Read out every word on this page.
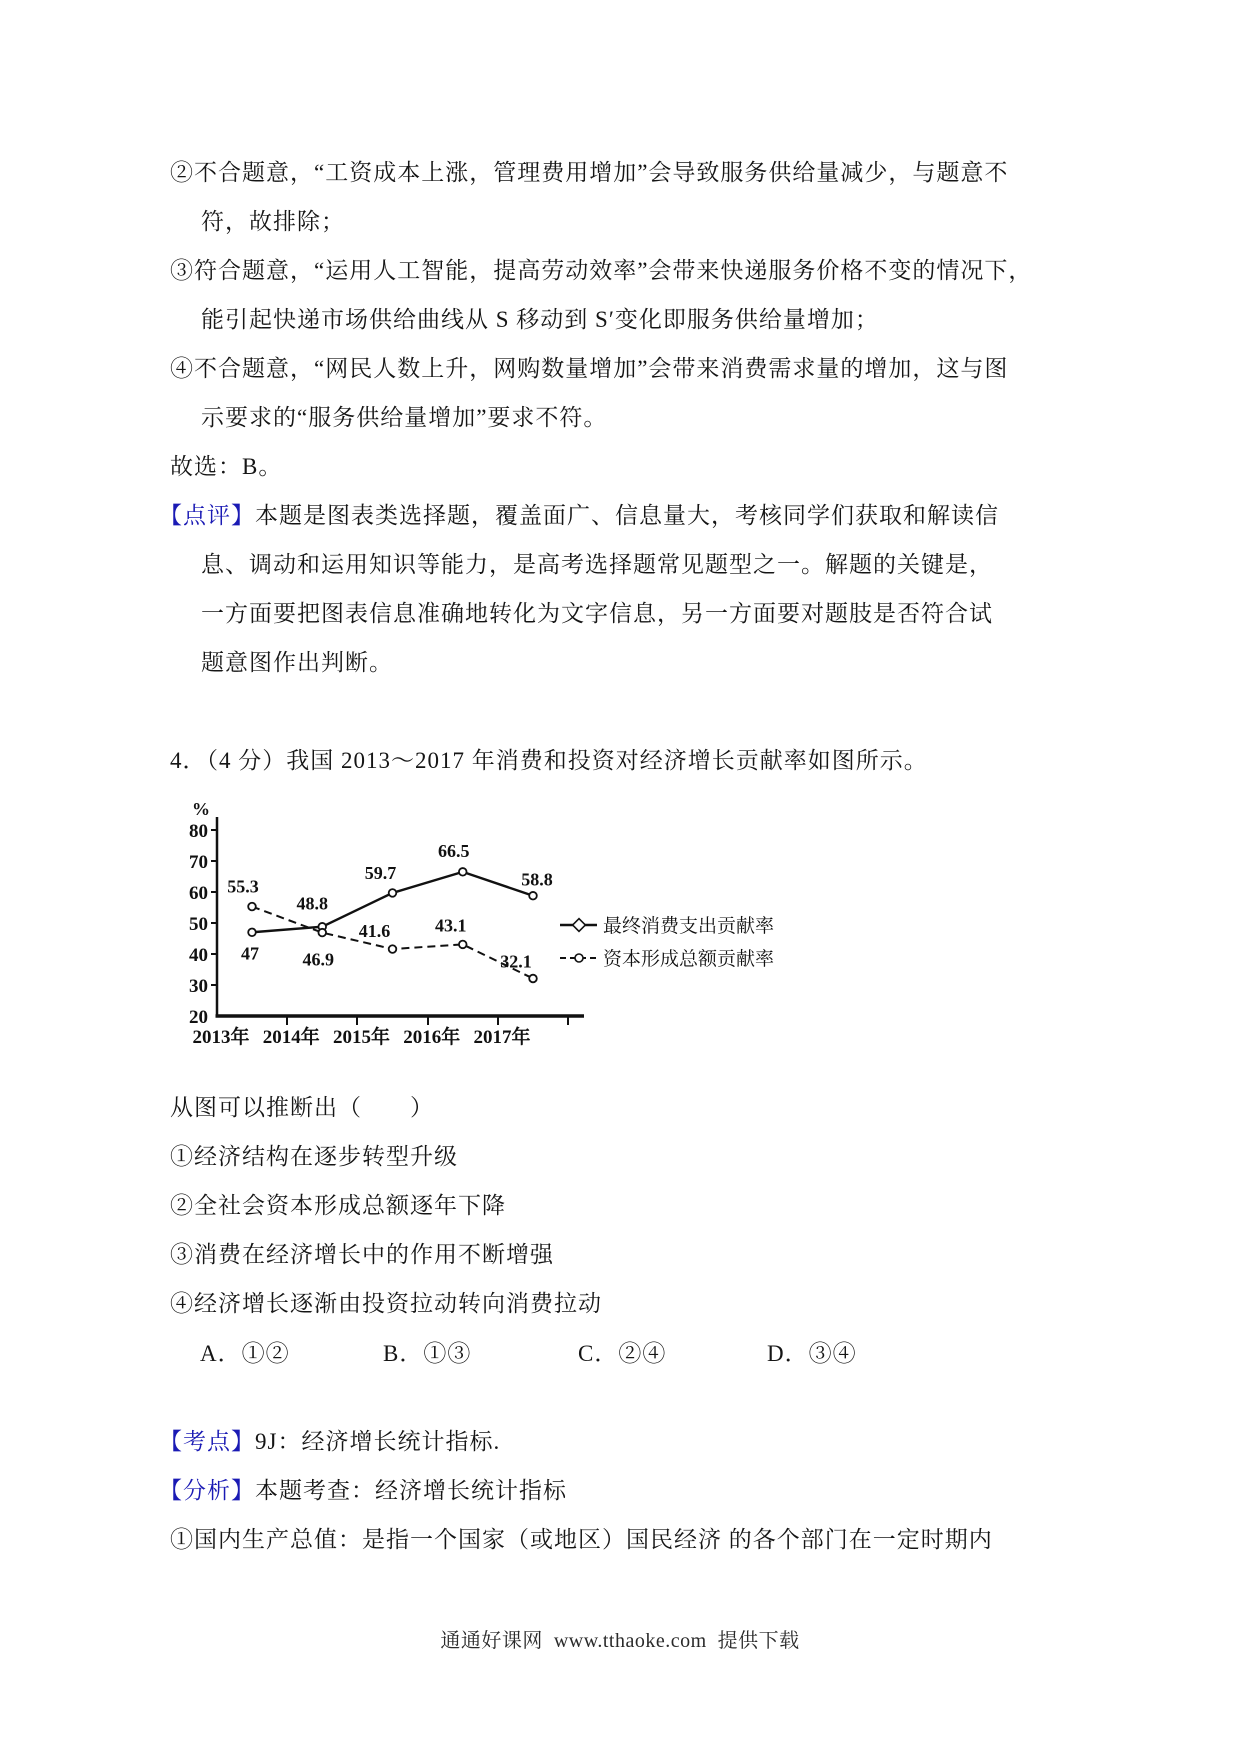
②不合题意，“工资成本上涨，管理费用增加”会导致服务供给量减少，与题意不
符，故排除；
③符合题意，“运用人工智能，提高劳动效率”会带来快递服务价格不变的情况下，
能引起快递市场供给曲线从 S 移动到 S′变化即服务供给量增加；
④不合题意，“网民人数上升，网购数量增加”会带来消费需求量的增加，这与图
示要求的“服务供给量增加”要求不符。
故选：B。
【点评】本题是图表类选择题，覆盖面广、信息量大，考核同学们获取和解读信
息、调动和运用知识等能力，是高考选择题常见题型之一。解题的关键是，
一方面要把图表信息准确地转化为文字信息，另一方面要对题肢是否符合试
题意图作出判断。
4．（4 分）我国 2013～2017 年消费和投资对经济增长贡献率如图所示。
%
80
70
60
50
40
30
20
2013年 2014年 2015年 2016年 2017年
47
48.8
59.7
66.5
58.8
最终消费支出贡献率
55.3
46.9
41.6 43.1
32.1	资本形成总额贡献率
从图可以推断出（　　）
①经济结构在逐步转型升级
②全社会资本形成总额逐年下降
③消费在经济增长中的作用不断增强
④经济增长逐渐由投资拉动转向消费拉动
A．①②	B．①③	C．②④	D．③④
【考点】9J：经济增长统计指标.
【分析】本题考查：经济增长统计指标
①国内生产总值：是指一个国家（或地区）国民经济 的各个部门在一定时期内
通通好课网  www.tthaoke.com  提供下载
